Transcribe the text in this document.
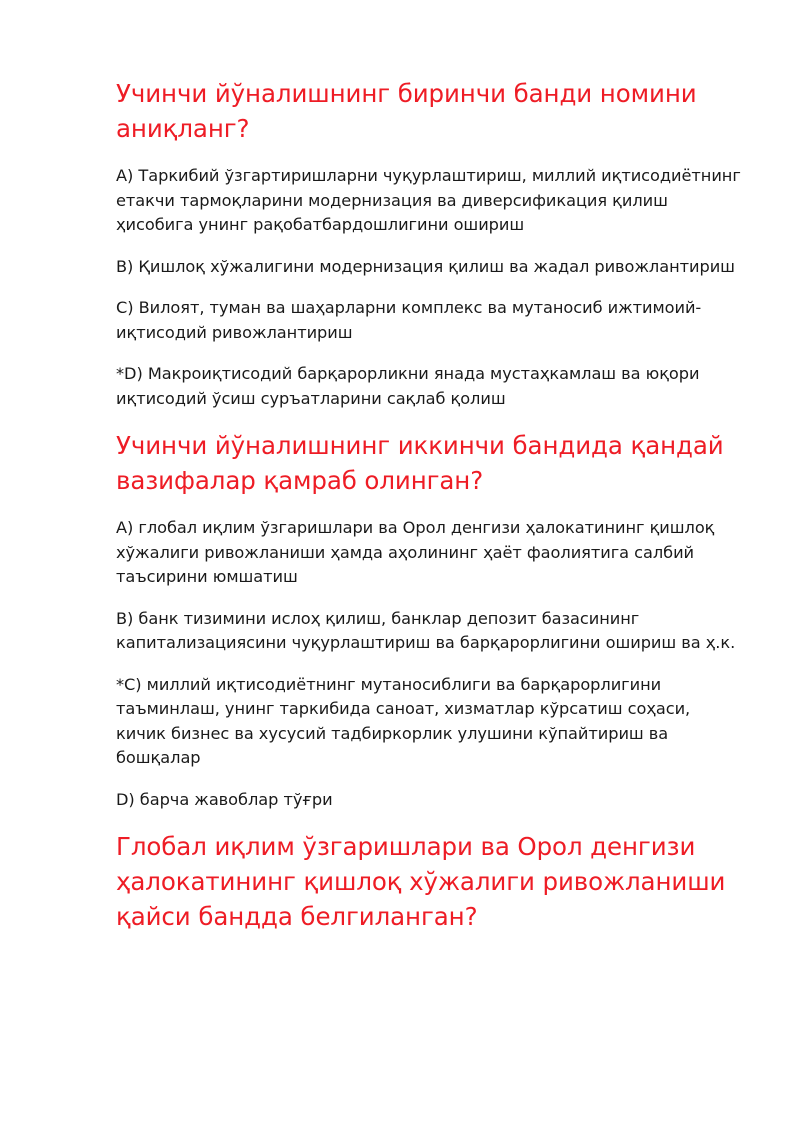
Учинчи йўналишнинг биринчи банди номини аниқланг?

А) Таркибий ўзгартиришларни чуқурлаштириш, миллий иқтисодиётнинг етакчи тармоқларини модернизация ва диверсификация қилиш ҳисобига унинг рақобатбардошлигини ошириш

В) Қишлоқ хўжалигини модернизация қилиш ва жадал ривожлантириш

С) Вилоят, туман ва шаҳарларни комплекс ва мутаносиб ижтимоий-иқтисодий ривожлантириш

*D) Макроиқтисодий барқарорликни янада мустаҳкамлаш ва юқори иқтисодий ўсиш суръатларини сақлаб қолиш

Учинчи йўналишнинг иккинчи бандида қандай вазифалар қамраб олинган?

А) глобал иқлим ўзгаришлари ва Орол денгизи ҳалокатининг қишлоқ хўжалиги ривожланиши ҳамда аҳолининг ҳаёт фаолиятига салбий таъсирини юмшатиш

В) банк тизимини ислоҳ қилиш, банклар депозит базасининг капитализациясини чуқурлаштириш ва барқарорлигини ошириш ва ҳ.к.

*С) миллий иқтисодиётнинг мутаносиблиги ва барқарорлигини таъминлаш, унинг таркибида саноат, хизматлар кўрсатиш соҳаси, кичик бизнес ва хусусий тадбиркорлик улушини кўпайтириш ва бошқалар

D) барча жавоблар тўғри

Глобал иқлим ўзгаришлари ва Орол денгизи ҳалокатининг қишлоқ хўжалиги ривожланиши қайси бандда белгиланган?
